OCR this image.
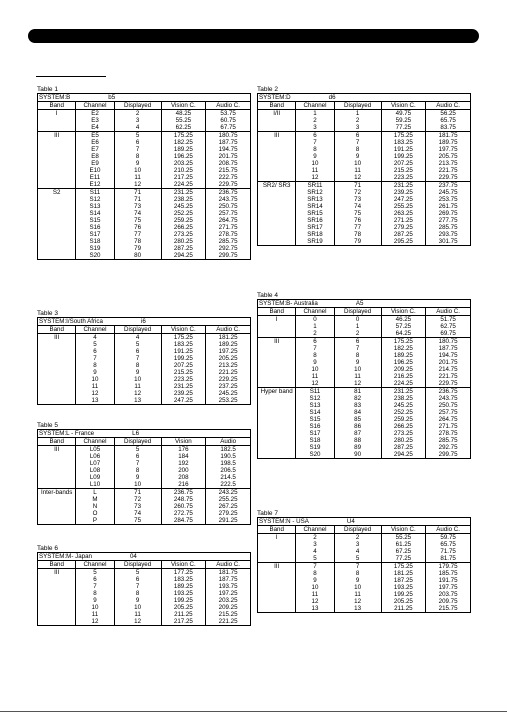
Table 1
SYSTEM:B b5				
Band	Channel	Displayed	Vision C.	Audio C.
I	E2	2	48.25	53.75
	E3	3	55.25	60.75
	E4	4	62.25	67.75
III	E5	5	175.25	180.75
	E6	6	182.25	187.75
	E7	7	189.25	194.75
	E8	8	196.25	201.75
	E9	9	203.25	208.75
	E10	10	210.25	215.75
	E11	11	217.25	222.75
	E12	12	224.25	229.75
S2	S11	71	231.25	236.75
	S12	71	238.25	243.75
	S13	73	245.25	250.75
	S14	74	252.25	257.75
	S15	75	259.25	264.75
	S16	76	266.25	271.75
	S17	77	273.25	278.75
	S18	78	280.25	285.75
	S19	79	287.25	292.75
	S20	80	294.25	299.75
Table 2
SYSTEM:D d6				
Band	Channel	Displayed	Vision C.	Audio C.
I/II	1	1	49.75	56.25
	2	2	59.25	65.75
	3	3	77.25	83.75
III	6	6	175.25	181.75
	7	7	183.25	189.75
	8	8	191.25	197.75
	9	9	199.25	205.75
	10	10	207.25	213.75
	11	11	215.25	221.75
	12	12	223.25	229.75
SR2/ SR3	SR11	71	231.25	237.75
	SR12	72	239.25	245.75
	SR13	73	247.25	253.75
	SR14	74	255.25	261.75
	SR15	75	263.25	269.75
	SR16	76	271.25	277.75
	SR17	77	279.25	285.75
	SR18	78	287.25	293.75
	SR19	79	295.25	301.75
Table 3
SYSTEM:I/South Africa i6				
Band	Channel	Displayed	Vision C.	Audio C.
III	4	4	175.25	181.25
	5	5	183.25	189.25
	6	6	191.25	197.25
	7	7	199.25	205.25
	8	8	207.25	213.25
	9	9	215.25	221.25
	10	10	223.25	229.25
	11	11	231.25	237.25
	12	12	239.25	245.25
	13	13	247.25	253.25
Table 4
SYSTEM:B- Australia A5				
Band	Channel	Displayed	Vision C.	Audio C.
I	0	0	46.25	51.75
	1	1	57.25	62.75
	2	2	64.25	69.75
III	6	6	175.25	180.75
	7	7	182.25	187.75
	8	8	189.25	194.75
	9	9	196.25	201.75
	10	10	209.25	214.75
	11	11	216.25	221.75
	12	12	224.25	229.75
Hyper band	S11	81	231.25	236.75
	S12	82	238.25	243.75
	S13	83	245.25	250.75
	S14	84	252.25	257.75
	S15	85	259.25	264.75
	S16	86	266.25	271.75
	S17	87	273.25	278.75
	S18	88	280.25	285.75
	S19	89	287.25	292.75
	S20	90	294.25	299.75
Table 5
SYSTEM:L - France L6				
Band	Channel	Displayed	Vision	Audio
III	L05	5	176	182.5
	L06	6	184	190.5
	L07	7	192	198.5
	L08	8	200	206.5
	L09	9	208	214.5
	L10	10	216	222.5
Inter-bands	L	71	236.75	243.25
	M	72	248.75	255.25
	N	73	260.75	267.25
	O	74	272.75	279.25
	P	75	284.75	291.25
Table 6
SYSTEM:M- Japan 04				
Band	Channel	Displayed	Vision C.	Audio C.
III	5	5	177.25	181.75
	6	6	183.25	187.75
	7	7	189.25	193.75
	8	8	193.25	197.25
	9	9	199.25	203.25
	10	10	205.25	209.25
	11	11	211.25	215.25
	12	12	217.25	221.25
Table 7
SYSTEM:N - USA U4				
Band	Channel	Displayed	Vision C.	Audio C.
I	2	2	55.25	59.75
	3	3	61.25	65.75
	4	4	67.25	71.75
	5	5	77.25	81.75
III	7	7	175.25	179.75
	8	8	181.25	185.75
	9	9	187.25	191.75
	10	10	193.25	197.75
	11	11	199.25	203.75
	12	12	205.25	209.75
	13	13	211.25	215.75
